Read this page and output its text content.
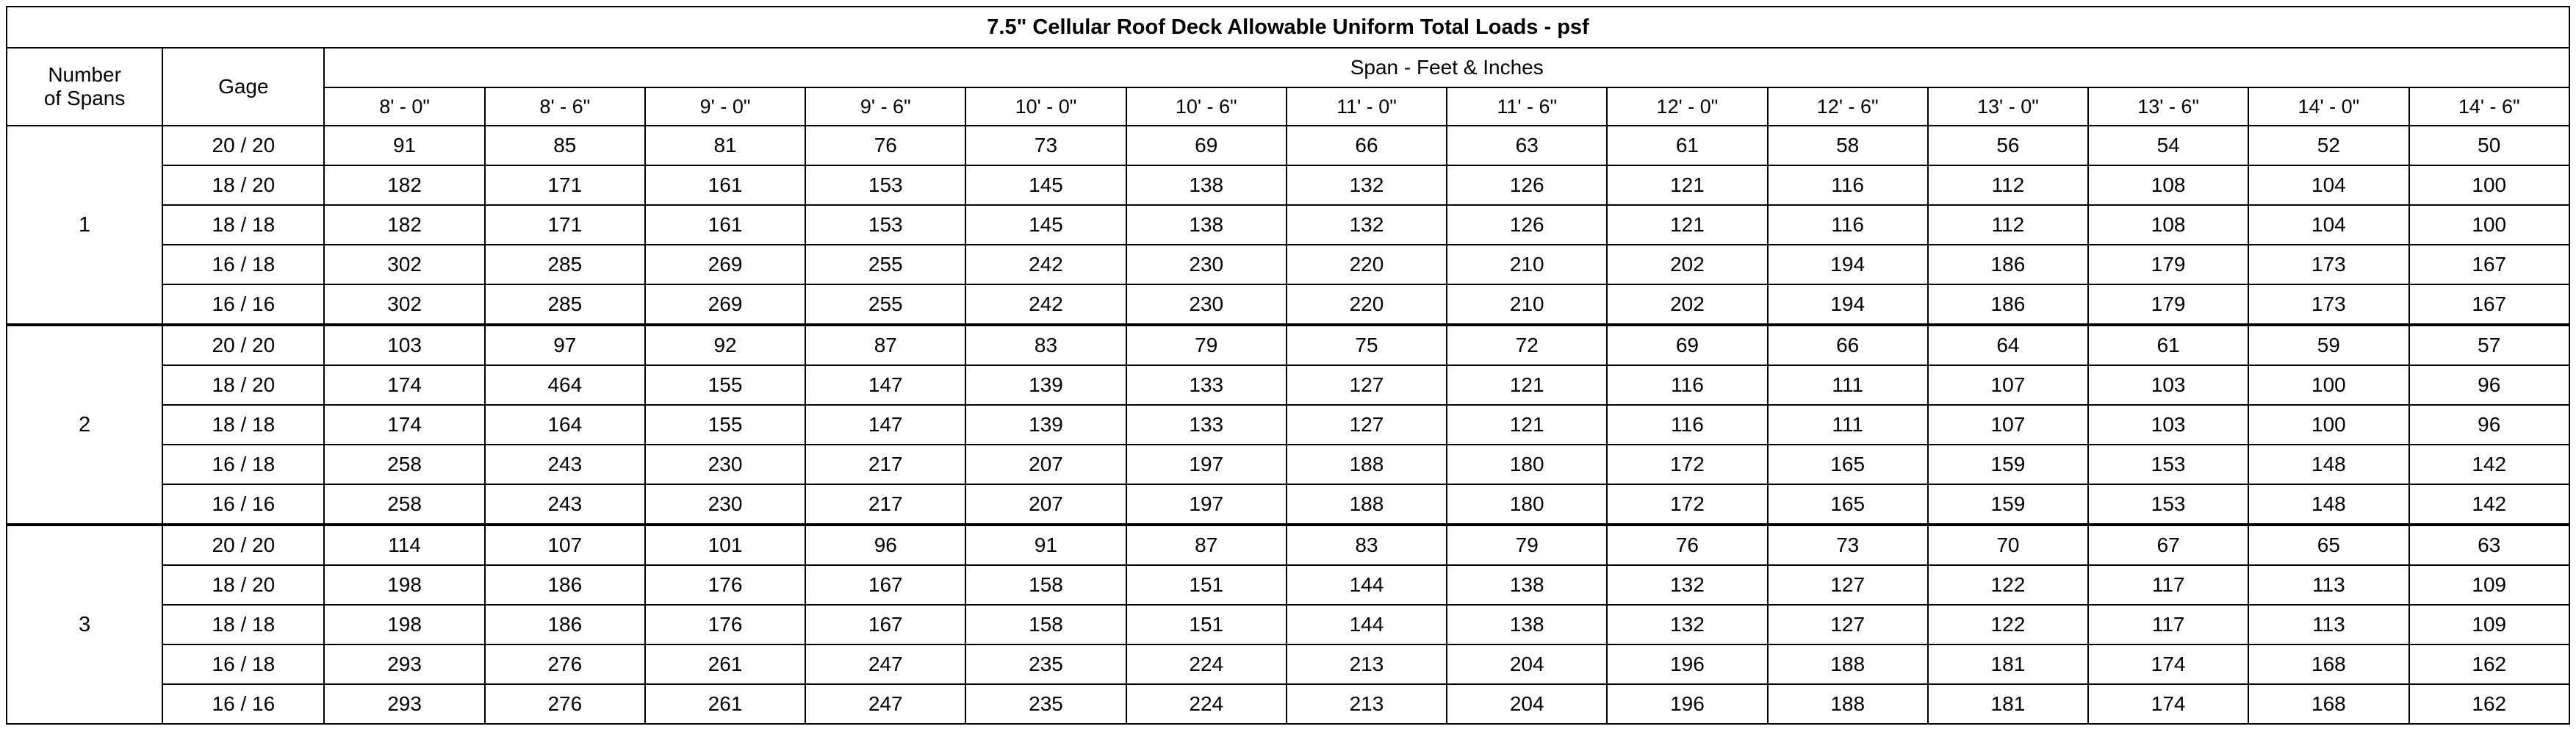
7.5" Cellular Roof Deck Allowable Uniform Total Loads - psf															
Number
of Spans	Gage	Span - Feet & Inches													
		8' - 0"	8' - 6"	9' - 0"	9' - 6"	10' - 0"	10' - 6"	11' - 0"	11' - 6"	12' - 0"	12' - 6"	13' - 0"	13' - 6"	14' - 0"	14' - 6"
1	20 / 20	91	85	81	76	73	69	66	63	61	58	56	54	52	50
	18 / 20	182	171	161	153	145	138	132	126	121	116	112	108	104	100
	18 / 18	182	171	161	153	145	138	132	126	121	116	112	108	104	100
	16 / 18	302	285	269	255	242	230	220	210	202	194	186	179	173	167
	16 / 16	302	285	269	255	242	230	220	210	202	194	186	179	173	167
2	20 / 20	103	97	92	87	83	79	75	72	69	66	64	61	59	57
	18 / 20	174	464	155	147	139	133	127	121	116	111	107	103	100	96
	18 / 18	174	164	155	147	139	133	127	121	116	111	107	103	100	96
	16 / 18	258	243	230	217	207	197	188	180	172	165	159	153	148	142
	16 / 16	258	243	230	217	207	197	188	180	172	165	159	153	148	142
3	20 / 20	114	107	101	96	91	87	83	79	76	73	70	67	65	63
	18 / 20	198	186	176	167	158	151	144	138	132	127	122	117	113	109
	18 / 18	198	186	176	167	158	151	144	138	132	127	122	117	113	109
	16 / 18	293	276	261	247	235	224	213	204	196	188	181	174	168	162
	16 / 16	293	276	261	247	235	224	213	204	196	188	181	174	168	162
